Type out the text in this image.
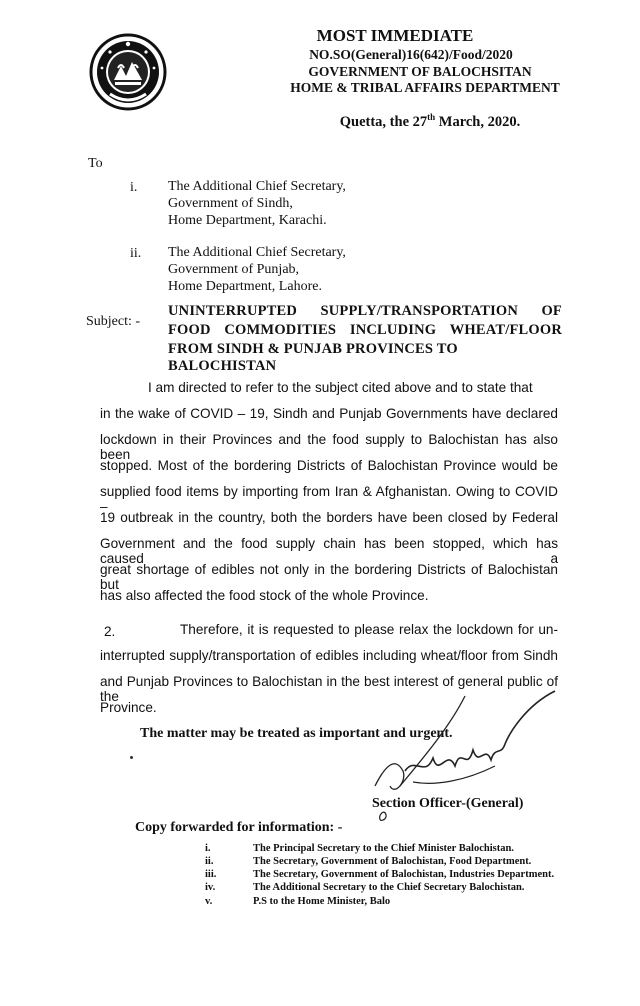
MOST IMMEDIATE
NO.SO(General)16(642)/Food/2020
GOVERNMENT OF BALOCHSITAN
HOME & TRIBAL AFFAIRS DEPARTMENT
Quetta, the 27th March, 2020.
To
i. The Additional Chief Secretary,
Government of Sindh,
Home Department, Karachi.
ii. The Additional Chief Secretary,
Government of Punjab,
Home Department, Lahore.
Subject: -
UNINTERRUPTED SUPPLY/TRANSPORTATION OF
FOOD COMMODITIES INCLUDING WHEAT/FLOOR
FROM SINDH & PUNJAB PROVINCES TO BALOCHISTAN
I am directed to refer to the subject cited above and to state that
in the wake of COVID – 19, Sindh and Punjab Governments have declared
lockdown in their Provinces and the food supply to Balochistan has also been
stopped. Most of the bordering Districts of Balochistan Province would be
supplied food items by importing from Iran & Afghanistan. Owing to COVID –
19 outbreak in the country, both the borders have been closed by Federal
Government and the food supply chain has been stopped, which has caused a
great shortage of edibles not only in the bordering Districts of Balochistan but
has also affected the food stock of the whole Province.
2.	Therefore, it is requested to please relax the lockdown for un-
interrupted supply/transportation of edibles including wheat/floor from Sindh
and Punjab Provinces to Balochistan in the best interest of general public of the
Province.
The matter may be treated as important and urgent.
Section Officer-(General)
Copy forwarded for information: -
i.	The Principal Secretary to the Chief Minister Balochistan.
ii.	The Secretary, Government of Balochistan, Food Department.
iii.	The Secretary, Government of Balochistan, Industries Department.
iv.	The Additional Secretary to the Chief Secretary Balochistan.
v.	P.S to the Home Minister, Balo
